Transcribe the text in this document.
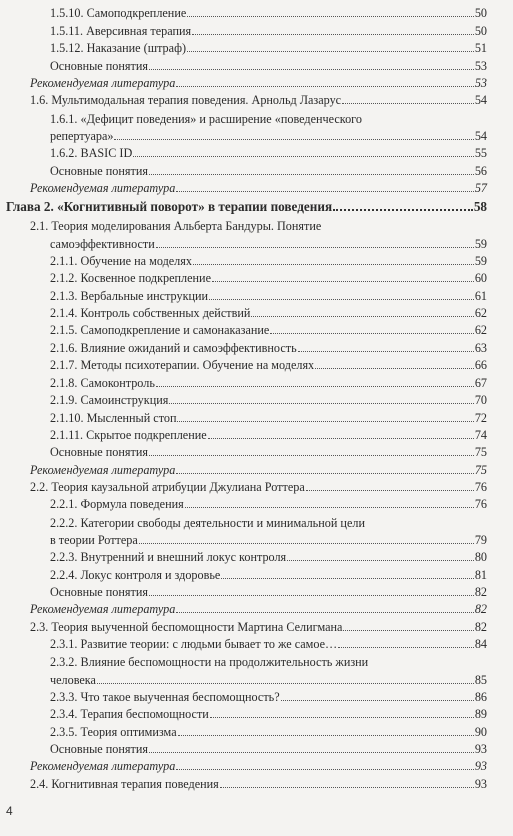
1.5.10. Самоподкрепление	50
1.5.11. Аверсивная терапия	50
1.5.12. Наказание (штраф)	51
Основные понятия	53
Рекомендуемая литература	53
1.6. Мультимодальная терапия поведения. Арнольд Лазарус	54
1.6.1. «Дефицит поведения» и расширение «поведенческого
репертуара»	54
1.6.2. BASIC ID	55
Основные понятия	56
Рекомендуемая литература	57
Глава 2. «Когнитивный поворот» в терапии поведения	58
2.1. Теория моделирования Альберта Бандуры. Понятие
самоэффективности	59
2.1.1. Обучение на моделях	59
2.1.2. Косвенное подкрепление	60
2.1.3. Вербальные инструкции	61
2.1.4. Контроль собственных действий	62
2.1.5. Самоподкрепление и самонаказание	62
2.1.6. Влияние ожиданий и самоэффективность	63
2.1.7. Методы психотерапии. Обучение на моделях	66
2.1.8. Самоконтроль	67
2.1.9. Самоинструкция	70
2.1.10. Мысленный стоп	72
2.1.11. Скрытое подкрепление	74
Основные понятия	75
Рекомендуемая литература	75
2.2. Теория каузальной атрибуции Джулиана Роттера	76
2.2.1. Формула поведения	76
2.2.2. Категории свободы деятельности и минимальной цели
в теории Роттера	79
2.2.3. Внутренний и внешний локус контроля	80
2.2.4. Локус контроля и здоровье	81
Основные понятия	82
Рекомендуемая литература	82
2.3. Теория выученной беспомощности Мартина Селигмана	82
2.3.1. Развитие теории: с людьми бывает то же самое…	84
2.3.2. Влияние беспомощности на продолжительность жизни
человека	85
2.3.3. Что такое выученная беспомощность?	86
2.3.4. Терапия беспомощности	89
2.3.5. Теория оптимизма	90
Основные понятия	93
Рекомендуемая литература	93
2.4. Когнитивная терапия поведения	93
4
